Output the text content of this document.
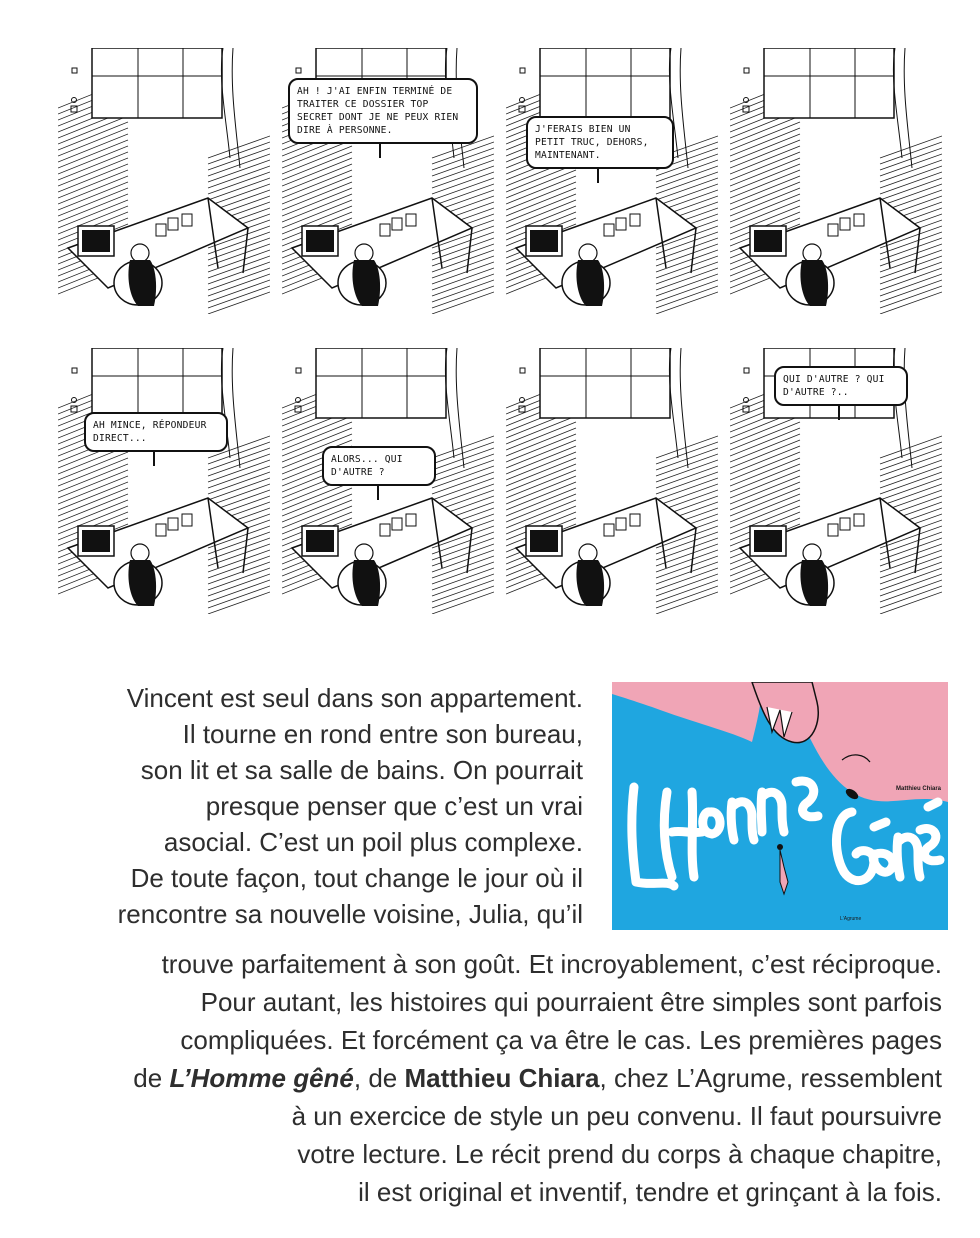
AH ! J'AI ENFIN TERMINÉ DE TRAITER CE DOSSIER TOP SECRET DONT JE NE PEUX RIEN DIRE À PERSONNE.	J'FERAIS BIEN UN PETIT TRUC, DEHORS, MAINTENANT.
AH MINCE, RÉPONDEUR DIRECT...
ALORS... QUI D'AUTRE ?
QUI D'AUTRE ? QUI D'AUTRE ?..
Matthieu Chiara
L'Agrume
Vincent est seul dans son appartement.
Il tourne en rond entre son bureau,
son lit et sa salle de bains. On pourrait
presque penser que c’est un vrai
asocial. C’est un poil plus complexe.
De toute façon, tout change le jour où il
rencontre sa nouvelle voisine, Julia, qu’il
trouve parfaitement à son goût. Et incroyablement, c’est réciproque.
Pour autant, les histoires qui pourraient être simples sont parfois
compliquées. Et forcément ça va être le cas. Les premières pages
de L’Homme gêné, de Matthieu Chiara, chez L’Agrume, ressemblent
à un exercice de style un peu convenu. Il faut poursuivre
votre lecture. Le récit prend du corps à chaque chapitre,
il est original et inventif, tendre et grinçant à la fois.
